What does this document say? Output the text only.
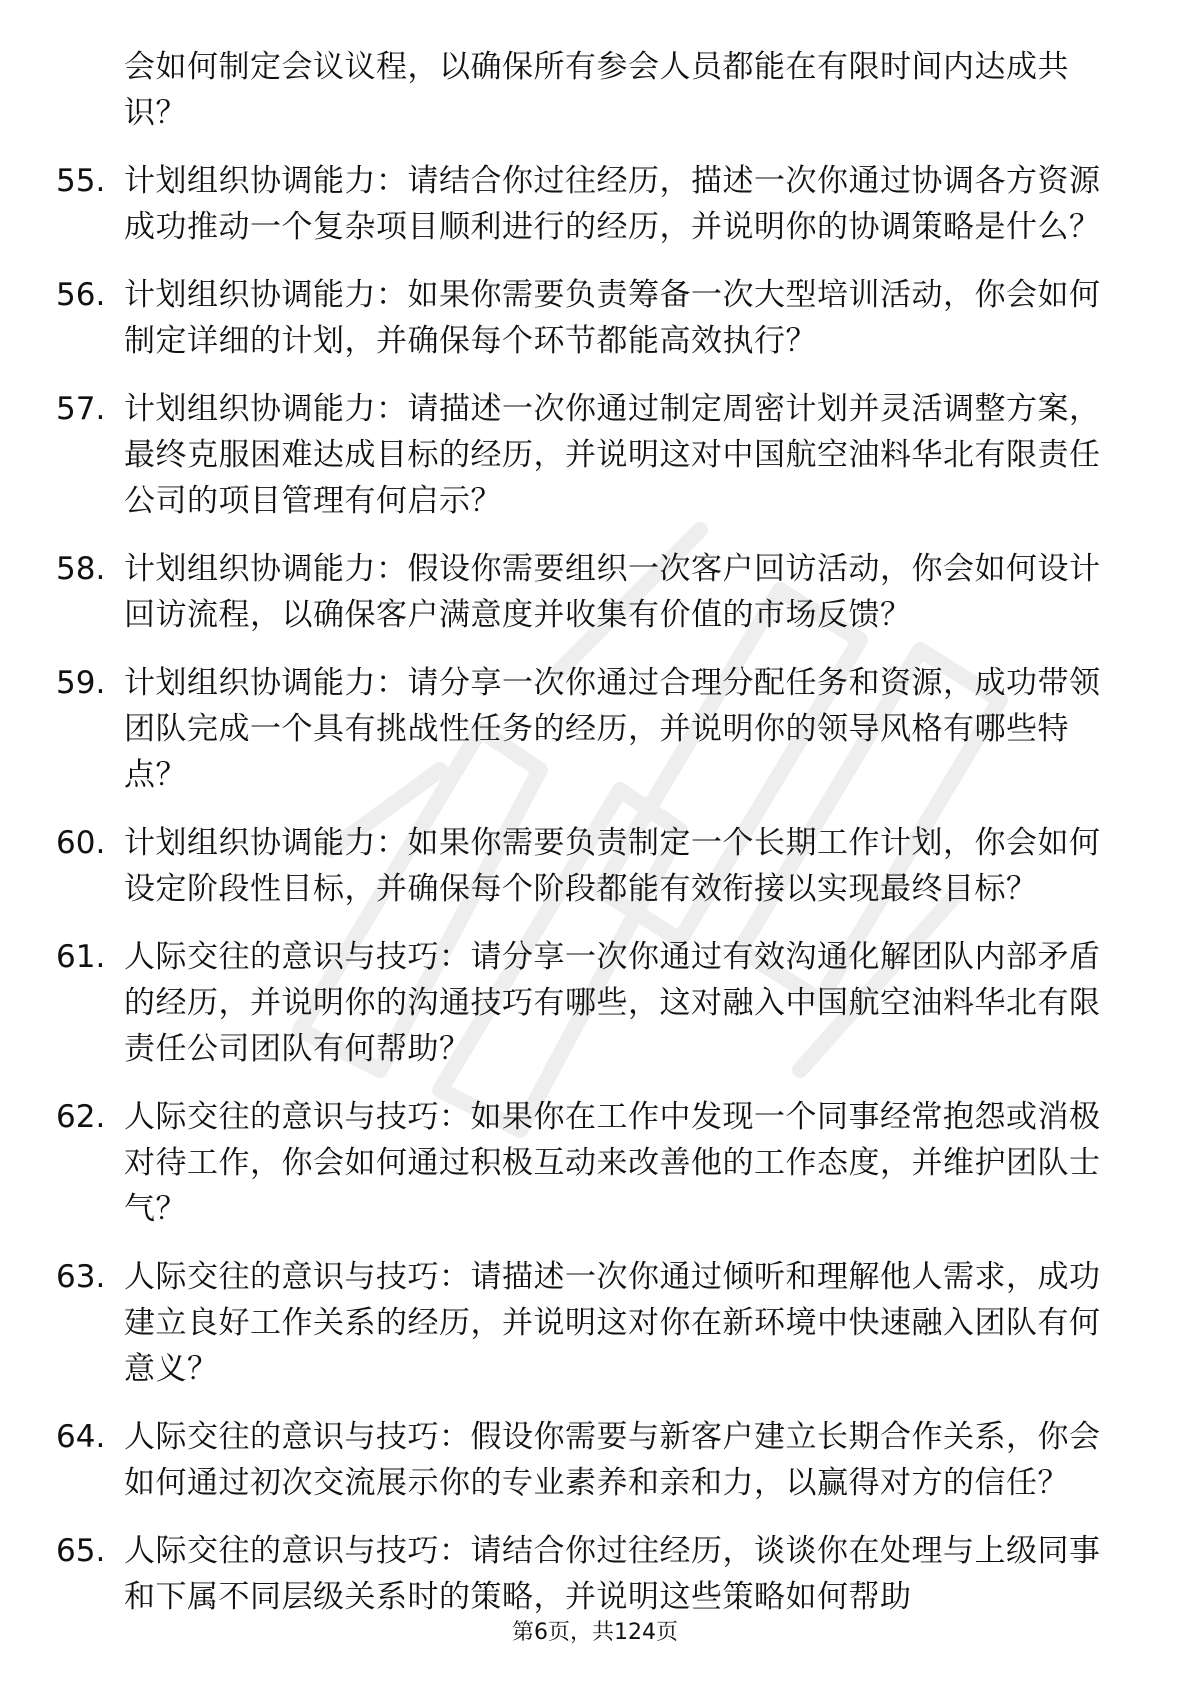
会如何制定会议议程，以确保所有参会人员都能在有限时间内达成共识？
55. 计划组织协调能力：请结合你过往经历，描述一次你通过协调各方资源成功推动一个复杂项目顺利进行的经历，并说明你的协调策略是什么？
56. 计划组织协调能力：如果你需要负责筹备一次大型培训活动，你会如何制定详细的计划，并确保每个环节都能高效执行？
57. 计划组织协调能力：请描述一次你通过制定周密计划并灵活调整方案，最终克服困难达成目标的经历，并说明这对中国航空油料华北有限责任公司的项目管理有何启示？
58. 计划组织协调能力：假设你需要组织一次客户回访活动，你会如何设计回访流程，以确保客户满意度并收集有价值的市场反馈？
59. 计划组织协调能力：请分享一次你通过合理分配任务和资源，成功带领团队完成一个具有挑战性任务的经历，并说明你的领导风格有哪些特点？
60. 计划组织协调能力：如果你需要负责制定一个长期工作计划，你会如何设定阶段性目标，并确保每个阶段都能有效衔接以实现最终目标？
61. 人际交往的意识与技巧：请分享一次你通过有效沟通化解团队内部矛盾的经历，并说明你的沟通技巧有哪些，这对融入中国航空油料华北有限责任公司团队有何帮助？
62. 人际交往的意识与技巧：如果你在工作中发现一个同事经常抱怨或消极对待工作，你会如何通过积极互动来改善他的工作态度，并维护团队士气？
63. 人际交往的意识与技巧：请描述一次你通过倾听和理解他人需求，成功建立良好工作关系的经历，并说明这对你在新环境中快速融入团队有何意义？
64. 人际交往的意识与技巧：假设你需要与新客户建立长期合作关系，你会如何通过初次交流展示你的专业素养和亲和力，以赢得对方的信任？
65. 人际交往的意识与技巧：请结合你过往经历，谈谈你在处理与上级同事和下属不同层级关系时的策略，并说明这些策略如何帮助
第6页，共124页
